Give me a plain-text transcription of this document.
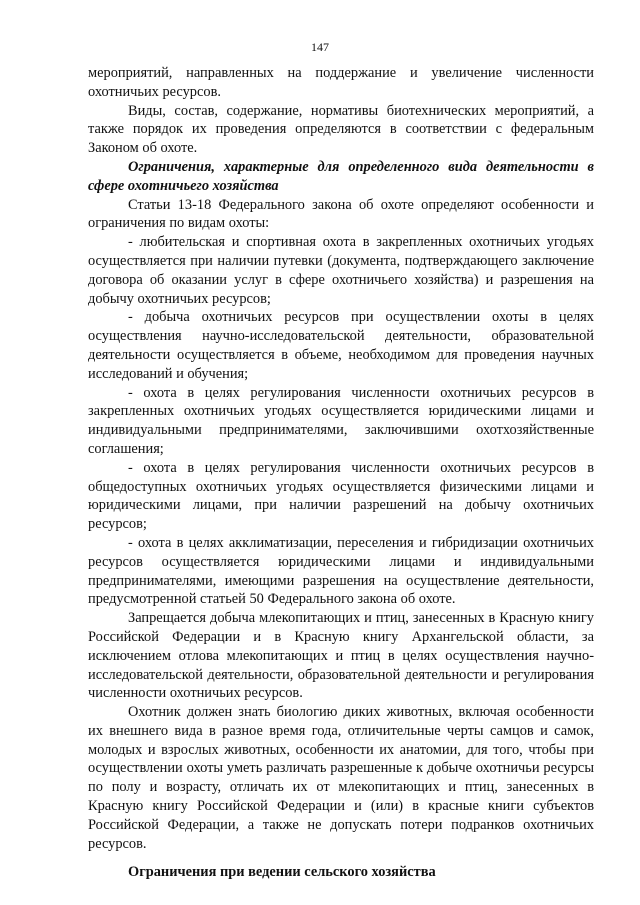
147

мероприятий, направленных на поддержание и увеличение численности охотничьих ресурсов.

Виды, состав, содержание, нормативы биотехнических мероприятий, а также порядок их проведения определяются в соответствии с федеральным Законом об охоте.

Ограничения, характерные для определенного вида деятельности в сфере охотничьего хозяйства

Статьи 13-18 Федерального закона об охоте определяют особенности и ограничения по видам охоты:

- любительская и спортивная охота в закрепленных охотничьих угодьях осуществляется при наличии путевки (документа, подтверждающего заключение договора об оказании услуг в сфере охотничьего хозяйства) и разрешения на добычу охотничьих ресурсов;

- добыча охотничьих ресурсов при осуществлении охоты в целях осуществления научно-исследовательской деятельности, образовательной деятельности осуществляется в объеме, необходимом для проведения научных исследований и обучения;

- охота в целях регулирования численности охотничьих ресурсов в закрепленных охотничьих угодьях осуществляется юридическими лицами и индивидуальными предпринимателями, заключившими охотхозяйственные соглашения;

- охота в целях регулирования численности охотничьих ресурсов в общедоступных охотничьих угодьях осуществляется физическими лицами и юридическими лицами, при наличии разрешений на добычу охотничьих ресурсов;

- охота в целях акклиматизации, переселения и гибридизации охотничьих ресурсов осуществляется юридическими лицами и индивидуальными предпринимателями, имеющими разрешения на осуществление деятельности, предусмотренной статьей 50 Федерального закона об охоте.

Запрещается добыча млекопитающих и птиц, занесенных в Красную книгу Российской Федерации и в Красную книгу Архангельской области, за исключением отлова млекопитающих и птиц в целях осуществления научно-исследовательской деятельности, образовательной деятельности и регулирования численности охотничьих ресурсов.

Охотник должен знать биологию диких животных, включая особенности их внешнего вида в разное время года, отличительные черты самцов и самок, молодых и взрослых животных, особенности их анатомии, для того, чтобы при осуществлении охоты уметь различать разрешенные к добыче охотничьи ресурсы по полу и возрасту, отличать их от млекопитающих и птиц, занесенных в Красную книгу Российской Федерации и (или) в красные книги субъектов Российской Федерации, а также не допускать потери подранков охотничьих ресурсов.

Ограничения при ведении сельского хозяйства
